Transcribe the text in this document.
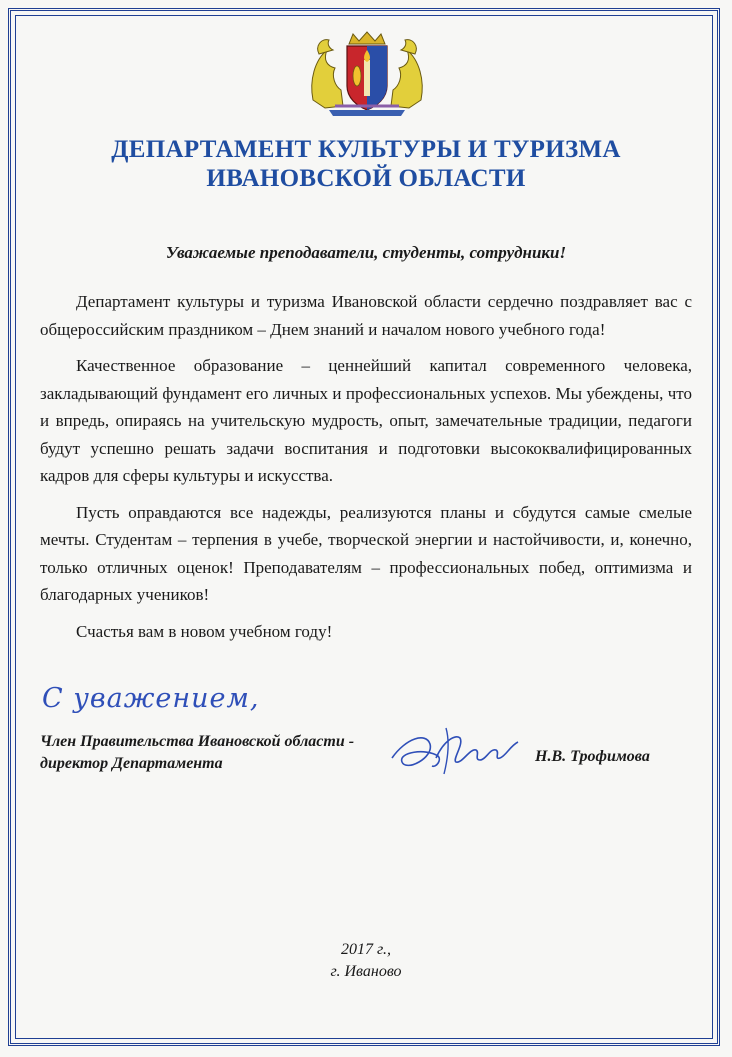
ДЕПАРТАМЕНТ КУЛЬТУРЫ И ТУРИЗМА
ИВАНОВСКОЙ ОБЛАСТИ
Уважаемые преподаватели, студенты, сотрудники!

Департамент культуры и туризма Ивановской области сердечно поздравляет вас с общероссийским праздником – Днем знаний и началом нового учебного года!

Качественное образование – ценнейший капитал современного человека, закладывающий фундамент его личных и профессиональных успехов. Мы убеждены, что и впредь, опираясь на учительскую мудрость, опыт, замечательные традиции, педагоги будут успешно решать задачи воспитания и подготовки высококвалифицированных кадров для сферы культуры и искусства.

Пусть оправдаются все надежды, реализуются планы и сбудутся самые смелые мечты. Студентам – терпения в учебе, творческой энергии и настойчивости, и, конечно, только отличных оценок! Преподавателям – профессиональных побед, оптимизма и благодарных учеников!

Счастья вам в новом учебном году!

С уважением,
Член Правительства Ивановской области -
директор Департамента	Н.В. Трофимова
2017 г.,
г. Иваново
